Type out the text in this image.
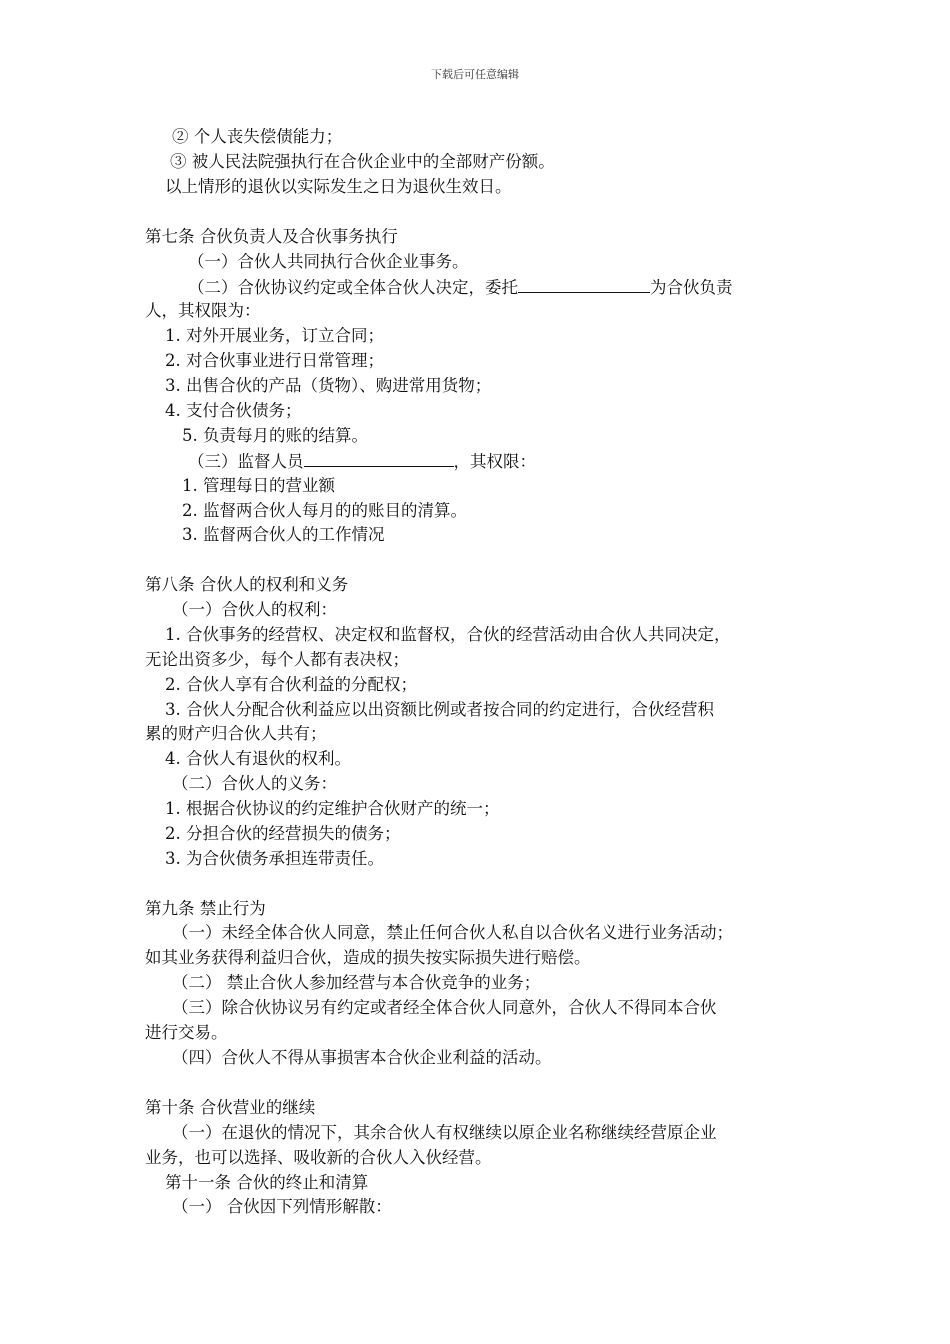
下载后可任意编辑
② 个人丧失偿债能力；
③ 被人民法院强执行在合伙企业中的全部财产份额。
以上情形的退伙以实际发生之日为退伙生效日。
第七条 合伙负责人及合伙事务执行
（一）合伙人共同执行合伙企业事务。
（二）合伙协议约定或全体合伙人决定，委托	为合伙负责
人，其权限为：
1. 对外开展业务，订立合同；
2. 对合伙事业进行日常管理；
3. 出售合伙的产品（货物）、购进常用货物；
4. 支付合伙债务；
5. 负责每月的账的结算。
（三）监督人员	，其权限：
1. 管理每日的营业额
2. 监督两合伙人每月的的账目的清算。
3. 监督两合伙人的工作情况
第八条 合伙人的权利和义务
（一）合伙人的权利：
1. 合伙事务的经营权、决定权和监督权，合伙的经营活动由合伙人共同决定，
无论出资多少，每个人都有表决权；
2. 合伙人享有合伙利益的分配权；
3. 合伙人分配合伙利益应以出资额比例或者按合同的约定进行，合伙经营积
累的财产归合伙人共有；
4. 合伙人有退伙的权利。
（二）合伙人的义务：
1. 根据合伙协议的约定维护合伙财产的统一；
2. 分担合伙的经营损失的债务；
3. 为合伙债务承担连带责任。
第九条 禁止行为
（一）未经全体合伙人同意，禁止任何合伙人私自以合伙名义进行业务活动；
如其业务获得利益归合伙，造成的损失按实际损失进行赔偿。
（二） 禁止合伙人参加经营与本合伙竞争的业务；
（三）除合伙协议另有约定或者经全体合伙人同意外，合伙人不得同本合伙
进行交易。
（四）合伙人不得从事损害本合伙企业利益的活动。
第十条 合伙营业的继续
（一）在退伙的情况下，其余合伙人有权继续以原企业名称继续经营原企业
业务，也可以选择、吸收新的合伙人入伙经营。
第十一条 合伙的终止和清算
（一） 合伙因下列情形解散：
